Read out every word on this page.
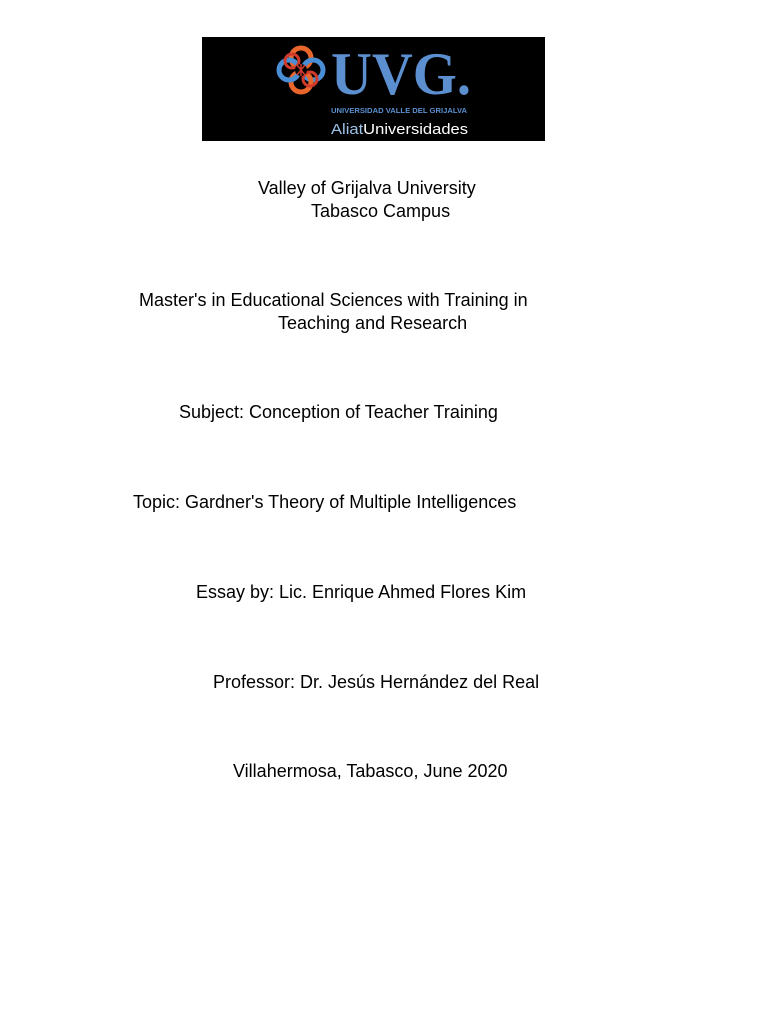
UVG.
UNIVERSIDAD VALLE DEL GRIJALVA
Aliat Universidades
Valley of Grijalva University
Tabasco Campus
Master's in Educational Sciences with Training in
Teaching and Research
Subject: Conception of Teacher Training
Topic: Gardner's Theory of Multiple Intelligences
Essay by: Lic. Enrique Ahmed Flores Kim
Professor: Dr. Jesús Hernández del Real
Villahermosa, Tabasco, June 2020
